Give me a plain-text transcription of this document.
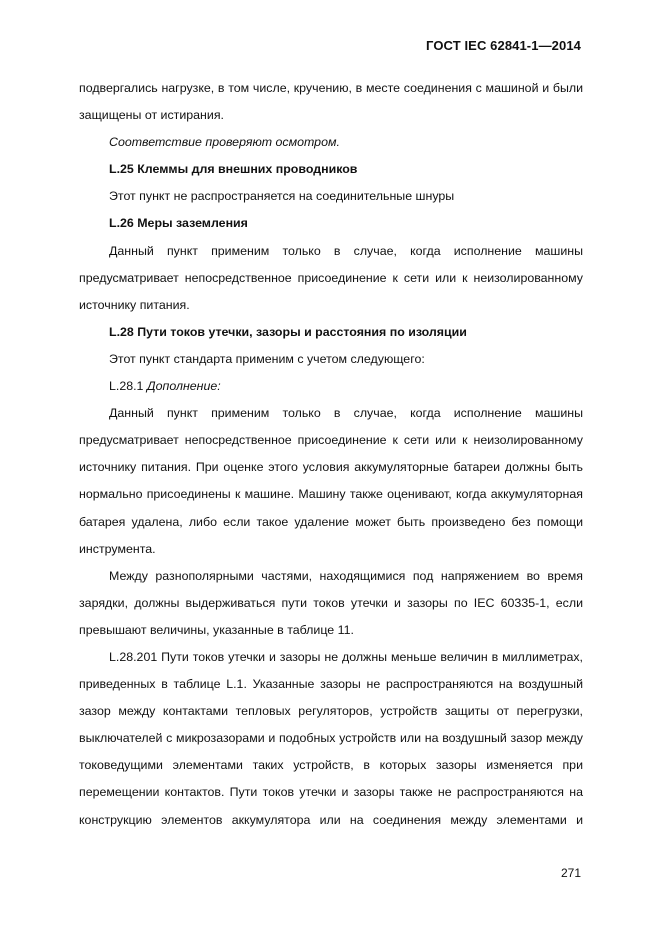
ГОСТ IEC 62841-1—2014

подвергались нагрузке, в том числе, кручению, в месте соединения с машиной и были защищены от истирания.

Соответствие проверяют осмотром.

L.25 Клеммы для внешних проводников

Этот пункт не распространяется на соединительные шнуры

L.26 Меры заземления

Данный пункт применим только в случае, когда исполнение машины предусматривает непосредственное присоединение к сети или к неизолированному источнику питания.

L.28 Пути токов утечки, зазоры и расстояния по изоляции

Этот пункт стандарта применим с учетом следующего:

L.28.1 Дополнение:

Данный пункт применим только в случае, когда исполнение машины предусматривает непосредственное присоединение к сети или к неизолированному источнику питания. При оценке этого условия аккумуляторные батареи должны быть нормально присоединены к машине. Машину также оценивают, когда аккумуляторная батарея удалена, либо если такое удаление может быть произведено без помощи инструмента.

Между разнополярными частями, находящимися под напряжением во время зарядки, должны выдерживаться пути токов утечки и зазоры по IEC 60335-1, если превышают величины, указанные в таблице 11.

L.28.201 Пути токов утечки и зазоры не должны меньше величин в миллиметрах, приведенных в таблице L.1. Указанные зазоры не распространяются на воздушный зазор между контактами тепловых регуляторов, устройств защиты от перегрузки, выключателей с микрозазорами и подобных устройств или на воздушный зазор между токоведущими элементами таких устройств, в которых зазоры изменяется при перемещении контактов. Пути токов утечки и зазоры также не распространяются на конструкцию элементов аккумулятора или на соединения между элементами и

271
